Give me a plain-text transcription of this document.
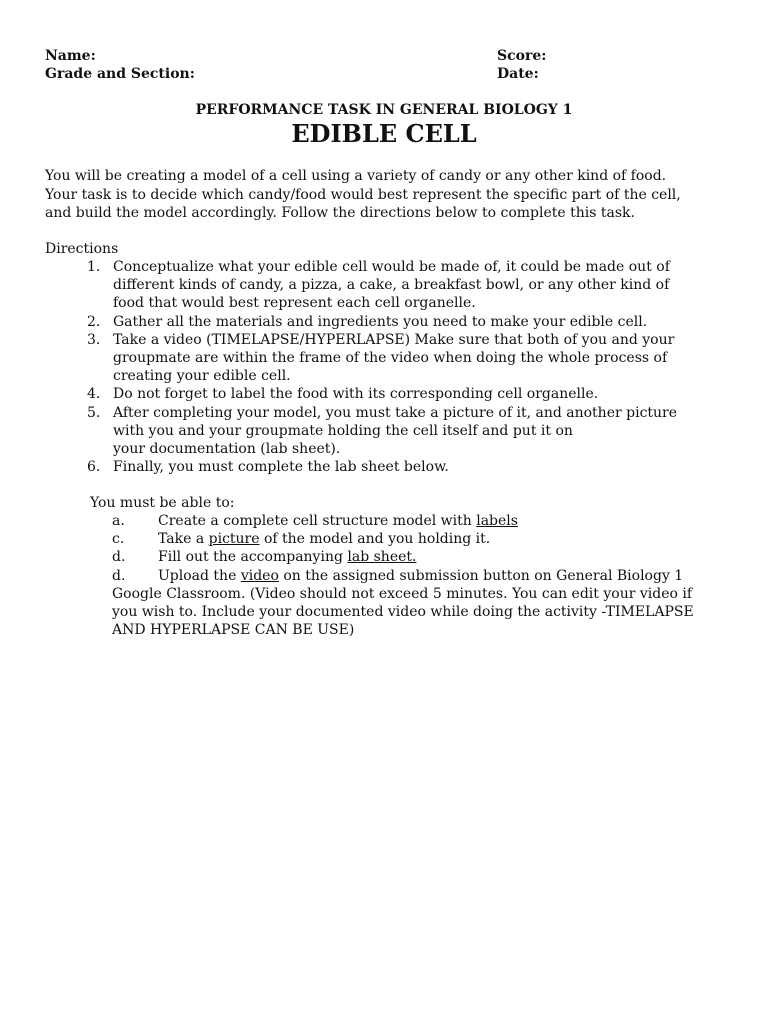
Name:
Grade and Section:
Score:
Date:
PERFORMANCE TASK IN GENERAL BIOLOGY 1
EDIBLE CELL

You will be creating a model of a cell using a variety of candy or any other kind of food.
Your task is to decide which candy/food would best represent the specific part of the cell,
and build the model accordingly. Follow the directions below to complete this task.

Directions
1. Conceptualize what your edible cell would be made of, it could be made out of
different kinds of candy, a pizza, a cake, a breakfast bowl, or any other kind of
food that would best represent each cell organelle.
2. Gather all the materials and ingredients you need to make your edible cell.
3. Take a video (TIMELAPSE/HYPERLAPSE) Make sure that both of you and your
groupmate are within the frame of the video when doing the whole process of
creating your edible cell.
4. Do not forget to label the food with its corresponding cell organelle.
5. After completing your model, you must take a picture of it, and another picture
with you and your groupmate holding the cell itself and put it on
your documentation (lab sheet).
6. Finally, you must complete the lab sheet below.
You must be able to:
a. Create a complete cell structure model with labels
c. Take a picture of the model and you holding it.
d. Fill out the accompanying lab sheet.
d. Upload the video on the assigned submission button on General Biology 1
Google Classroom. (Video should not exceed 5 minutes. You can edit your video if
you wish to. Include your documented video while doing the activity -TIMELAPSE
AND HYPERLAPSE CAN BE USE)
